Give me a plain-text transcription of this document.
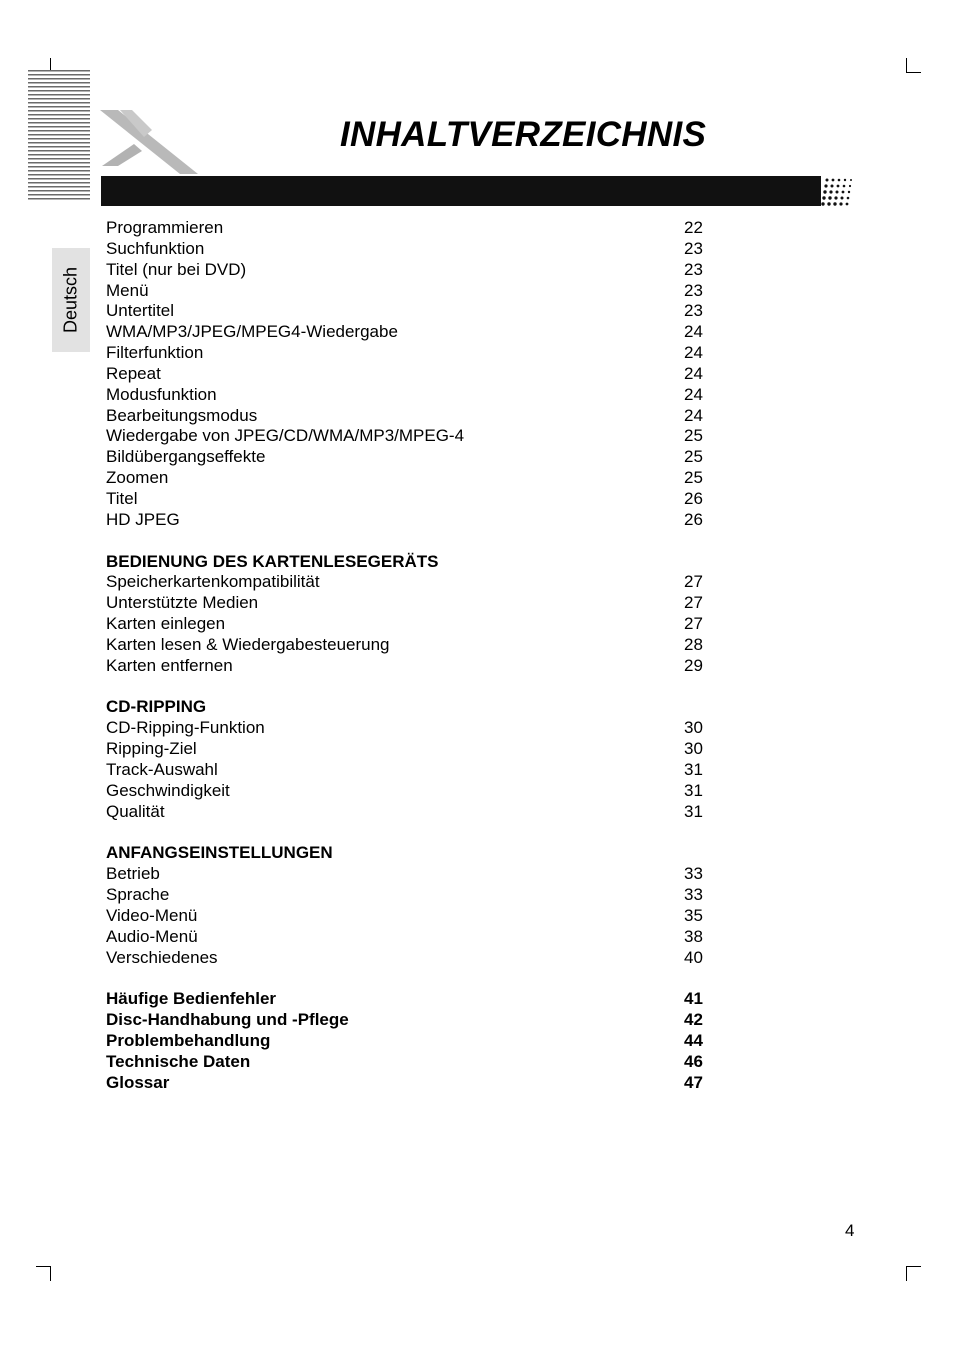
INHALTVERZEICHNIS
Deutsch
Programmieren	22
Suchfunktion	23
Titel (nur bei DVD)	23
Menü	23
Untertitel	23
WMA/MP3/JPEG/MPEG4-Wiedergabe	24
Filterfunktion	24
Repeat	24
Modusfunktion	24
Bearbeitungsmodus	24
Wiedergabe von JPEG/CD/WMA/MP3/MPEG-4	25
Bildübergangseffekte	25
Zoomen	25
Titel	26
HD JPEG	26
BEDIENUNG DES KARTENLESEGERÄTS
Speicherkartenkompatibilität	27
Unterstützte Medien	27
Karten einlegen	27
Karten lesen & Wiedergabesteuerung	28
Karten entfernen	29
CD-RIPPING
CD-Ripping-Funktion	30
Ripping-Ziel	30
Track-Auswahl	31
Geschwindigkeit	31
Qualität	31
ANFANGSEINSTELLUNGEN
Betrieb	33
Sprache	33
Video-Menü	35
Audio-Menü	38
Verschiedenes	40
Häufige Bedienfehler	41
Disc-Handhabung und -Pflege	42
Problembehandlung	44
Technische Daten	46
Glossar	47
4
